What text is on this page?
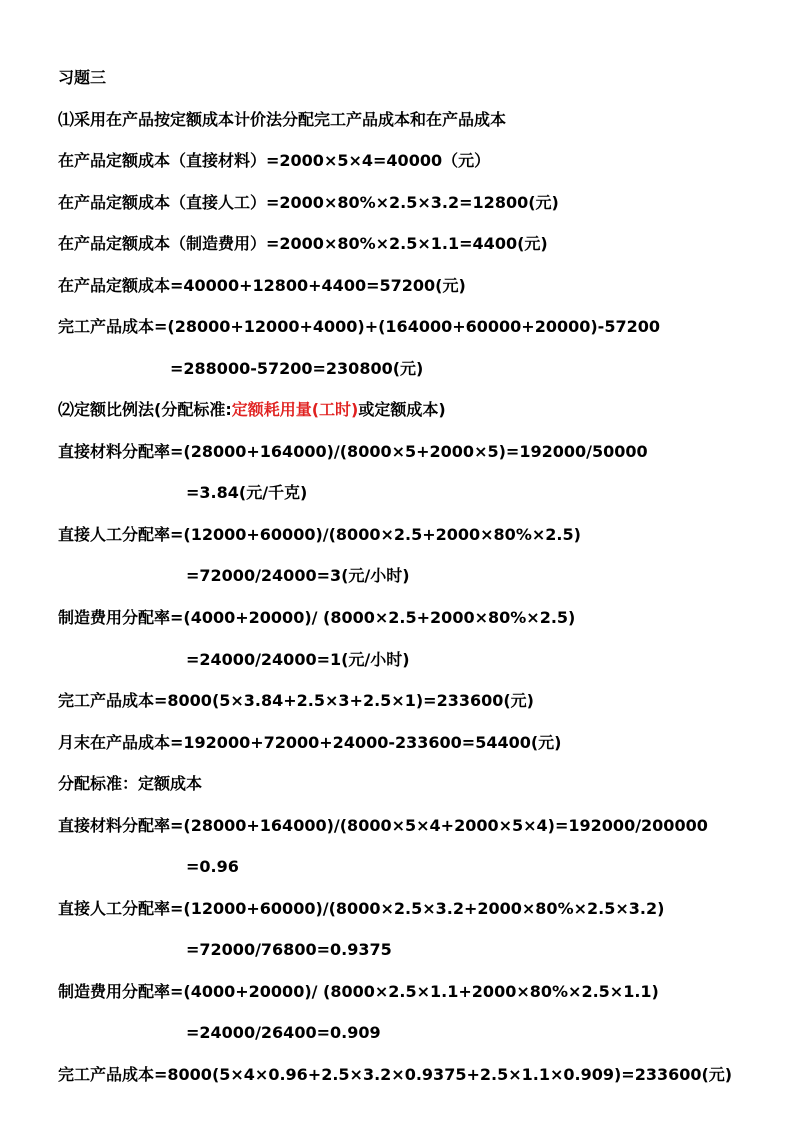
习题三
⑴采用在产品按定额成本计价法分配完工产品成本和在产品成本
在产品定额成本（直接材料）=2000×5×4=40000（元）
在产品定额成本（直接人工）=2000×80%×2.5×3.2=12800(元)
在产品定额成本（制造费用）=2000×80%×2.5×1.1=4400(元)
在产品定额成本=40000+12800+4400=57200(元)
完工产品成本=(28000+12000+4000)+(164000+60000+20000)-57200
=288000-57200=230800(元)
⑵定额比例法(分配标准:定额耗用量(工时)或定额成本)
直接材料分配率=(28000+164000)/(8000×5+2000×5)=192000/50000
=3.84(元/千克)
直接人工分配率=(12000+60000)/(8000×2.5+2000×80%×2.5)
=72000/24000=3(元/小时)
制造费用分配率=(4000+20000)/ (8000×2.5+2000×80%×2.5)
=24000/24000=1(元/小时)
完工产品成本=8000(5×3.84+2.5×3+2.5×1)=233600(元)
月末在产品成本=192000+72000+24000-233600=54400(元)
分配标准：定额成本
直接材料分配率=(28000+164000)/(8000×5×4+2000×5×4)=192000/200000
=0.96
直接人工分配率=(12000+60000)/(8000×2.5×3.2+2000×80%×2.5×3.2)
=72000/76800=0.9375
制造费用分配率=(4000+20000)/ (8000×2.5×1.1+2000×80%×2.5×1.1)
=24000/26400=0.909
完工产品成本=8000(5×4×0.96+2.5×3.2×0.9375+2.5×1.1×0.909)=233600(元)
